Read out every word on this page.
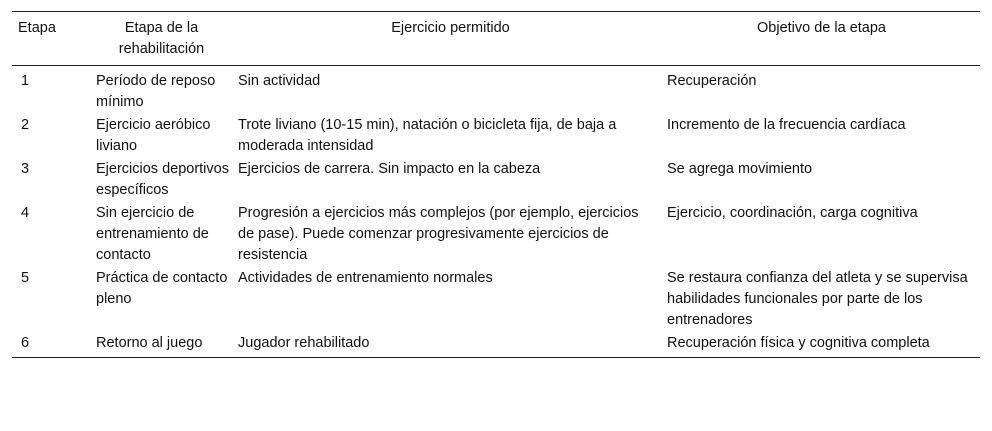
Etapa	Etapa de la rehabilitación	Ejercicio permitido	Objetivo de la etapa
1	Período de reposo mínimo	Sin actividad	Recuperación
2	Ejercicio aeróbico liviano	Trote liviano (10-15 min), natación o bicicleta fija, de baja a moderada intensidad	Incremento de la frecuencia cardíaca
3	Ejercicios deportivos específicos	Ejercicios de carrera. Sin impacto en la cabeza	Se agrega movimiento
4	Sin ejercicio de entrenamiento de contacto	Progresión a ejercicios más complejos (por ejemplo, ejercicios de pase). Puede comenzar progresivamente ejercicios de resistencia	Ejercicio, coordinación, carga cognitiva
5	Práctica de contacto pleno	Actividades de entrenamiento normales	Se restaura confianza del atleta y se supervisa habilidades funcionales por parte de los entrenadores
6	Retorno al juego	Jugador rehabilitado	Recuperación física y cognitiva completa
